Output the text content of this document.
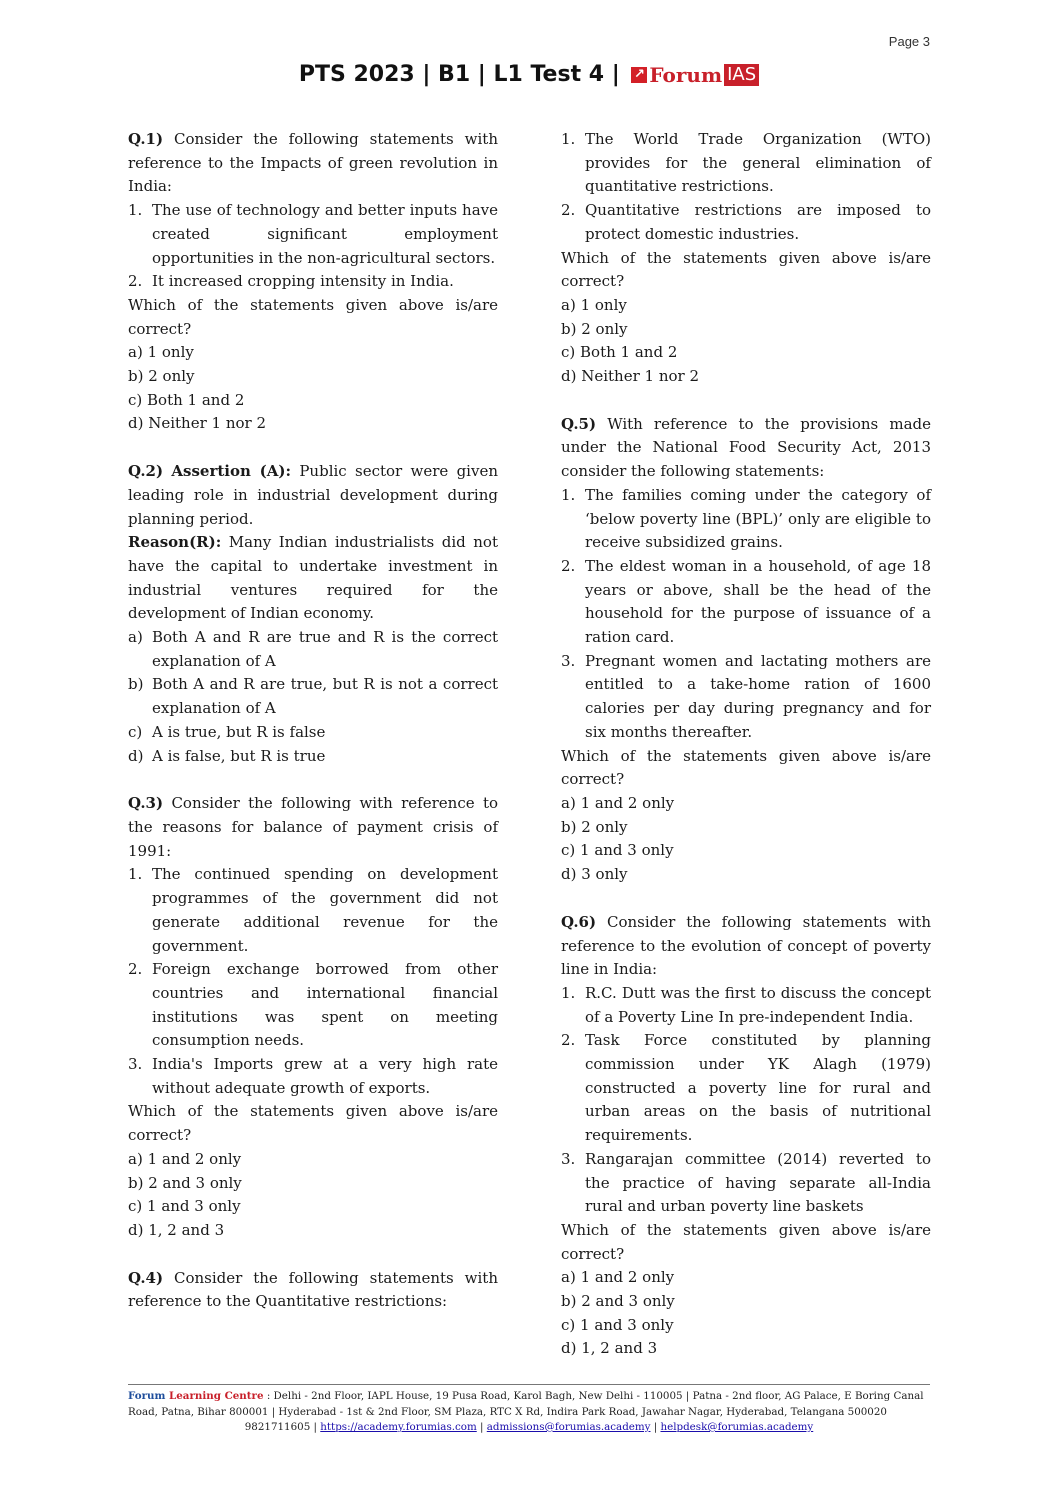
Page 3
PTS 2023 | B1 | L1 Test 4 | ↗ Forum IAS
Q.1) Consider the following statements with reference to the Impacts of green revolution in India:
1. The use of technology and better inputs have created significant employment opportunities in the non-agricultural sectors.
2. It increased cropping intensity in India.
Which of the statements given above is/are correct?
a) 1 only
b) 2 only
c) Both 1 and 2
d) Neither 1 nor 2
Q.2) Assertion (A): Public sector were given leading role in industrial development during planning period.
Reason(R): Many Indian industrialists did not have the capital to undertake investment in industrial ventures required for the development of Indian economy.
a) Both A and R are true and R is the correct explanation of A
b) Both A and R are true, but R is not a correct explanation of A
c) A is true, but R is false
d) A is false, but R is true
Q.3) Consider the following with reference to the reasons for balance of payment crisis of 1991:
1. The continued spending on development programmes of the government did not generate additional revenue for the government.
2. Foreign exchange borrowed from other countries and international financial institutions was spent on meeting consumption needs.
3. India's Imports grew at a very high rate without adequate growth of exports.
Which of the statements given above is/are correct?
a) 1 and 2 only
b) 2 and 3 only
c) 1 and 3 only
d) 1, 2 and 3
Q.4) Consider the following statements with reference to the Quantitative restrictions:
1. The World Trade Organization (WTO) provides for the general elimination of quantitative restrictions.
2. Quantitative restrictions are imposed to protect domestic industries.
Which of the statements given above is/are correct?
a) 1 only
b) 2 only
c) Both 1 and 2
d) Neither 1 nor 2
Q.5) With reference to the provisions made under the National Food Security Act, 2013 consider the following statements:
1. The families coming under the category of ‘below poverty line (BPL)’ only are eligible to receive subsidized grains.
2. The eldest woman in a household, of age 18 years or above, shall be the head of the household for the purpose of issuance of a ration card.
3. Pregnant women and lactating mothers are entitled to a take-home ration of 1600 calories per day during pregnancy and for six months thereafter.
Which of the statements given above is/are correct?
a) 1 and 2 only
b) 2 only
c) 1 and 3 only
d) 3 only
Q.6) Consider the following statements with reference to the evolution of concept of poverty line in India:
1. R.C. Dutt was the first to discuss the concept of a Poverty Line In pre-independent India.
2. Task Force constituted by planning commission under YK Alagh (1979) constructed a poverty line for rural and urban areas on the basis of nutritional requirements.
3. Rangarajan committee (2014) reverted to the practice of having separate all-India rural and urban poverty line baskets
Which of the statements given above is/are correct?
a) 1 and 2 only
b) 2 and 3 only
c) 1 and 3 only
d) 1, 2 and 3
Forum Learning Centre : Delhi - 2nd Floor, IAPL House, 19 Pusa Road, Karol Bagh, New Delhi - 110005 | Patna - 2nd floor, AG Palace, E Boring Canal Road, Patna, Bihar 800001 | Hyderabad - 1st & 2nd Floor, SM Plaza, RTC X Rd, Indira Park Road, Jawahar Nagar, Hyderabad, Telangana 500020
9821711605 | https://academy.forumias.com | admissions@forumias.academy | helpdesk@forumias.academy
